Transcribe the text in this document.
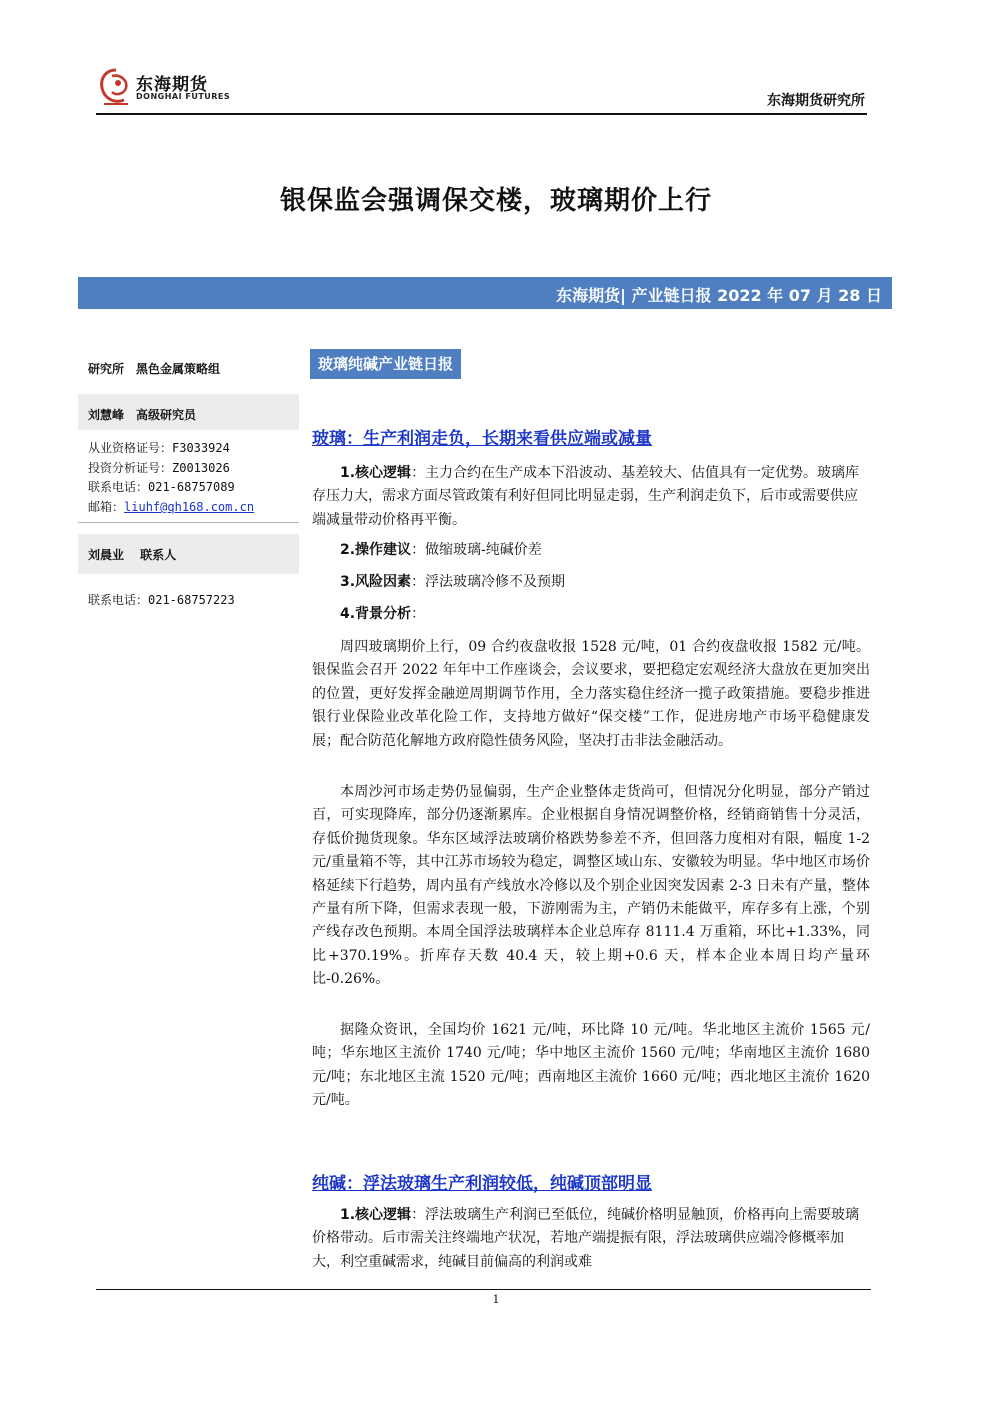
东海期货
DONGHAI FUTURES	东海期货研究所
银保监会强调保交楼，玻璃期价上行
东海期货| 产业链日报 2022 年 07 月 28 日
研究所　黑色金属策略组
刘慧峰　高级研究员
从业资格证号：F3033924
投资分析证号：Z0013026
联系电话：021-68757089
邮箱：liuhf@qh168.com.cn
刘晨业　 联系人
联系电话：021-68757223
玻璃纯碱产业链日报
玻璃：生产利润走负，长期来看供应端或减量
1.核心逻辑：主力合约在生产成本下沿波动、基差较大、估值具有一定优势。玻璃库存压力大，需求方面尽管政策有利好但同比明显走弱，生产利润走负下，后市或需要供应端减量带动价格再平衡。
2.操作建议：做缩玻璃-纯碱价差
3.风险因素：浮法玻璃冷修不及预期
4.背景分析：
周四玻璃期价上行，09 合约夜盘收报 1528 元/吨，01 合约夜盘收报 1582 元/吨。银保监会召开 2022 年年中工作座谈会，会议要求，要把稳定宏观经济大盘放在更加突出的位置，更好发挥金融逆周期调节作用，全力落实稳住经济一揽子政策措施。要稳步推进银行业保险业改革化险工作，支持地方做好“保交楼”工作，促进房地产市场平稳健康发展；配合防范化解地方政府隐性债务风险，坚决打击非法金融活动。
本周沙河市场走势仍显偏弱，生产企业整体走货尚可，但情况分化明显，部分产销过百，可实现降库，部分仍逐渐累库。企业根据自身情况调整价格，经销商销售十分灵活，存低价抛货现象。华东区域浮法玻璃价格跌势参差不齐，但回落力度相对有限，幅度 1-2 元/重量箱不等，其中江苏市场较为稳定，调整区域山东、安徽较为明显。华中地区市场价格延续下行趋势，周内虽有产线放水冷修以及个别企业因突发因素 2-3 日未有产量，整体产量有所下降，但需求表现一般，下游刚需为主，产销仍未能做平，库存多有上涨，个别产线存改色预期。本周全国浮法玻璃样本企业总库存 8111.4 万重箱，环比+1.33%，同比+370.19%。折库存天数 40.4 天，较上期+0.6 天，样本企业本周日均产量环比-0.26%。
据隆众资讯，全国均价 1621 元/吨，环比降 10 元/吨。华北地区主流价 1565 元/吨；华东地区主流价 1740 元/吨；华中地区主流价 1560 元/吨；华南地区主流价 1680 元/吨；东北地区主流 1520 元/吨；西南地区主流价 1660 元/吨；西北地区主流价 1620 元/吨。
纯碱：浮法玻璃生产利润较低，纯碱顶部明显
1.核心逻辑：浮法玻璃生产利润已至低位，纯碱价格明显触顶，价格再向上需要玻璃价格带动。后市需关注终端地产状况，若地产端提振有限，浮法玻璃供应端冷修概率加大，利空重碱需求，纯碱目前偏高的利润或难
1
